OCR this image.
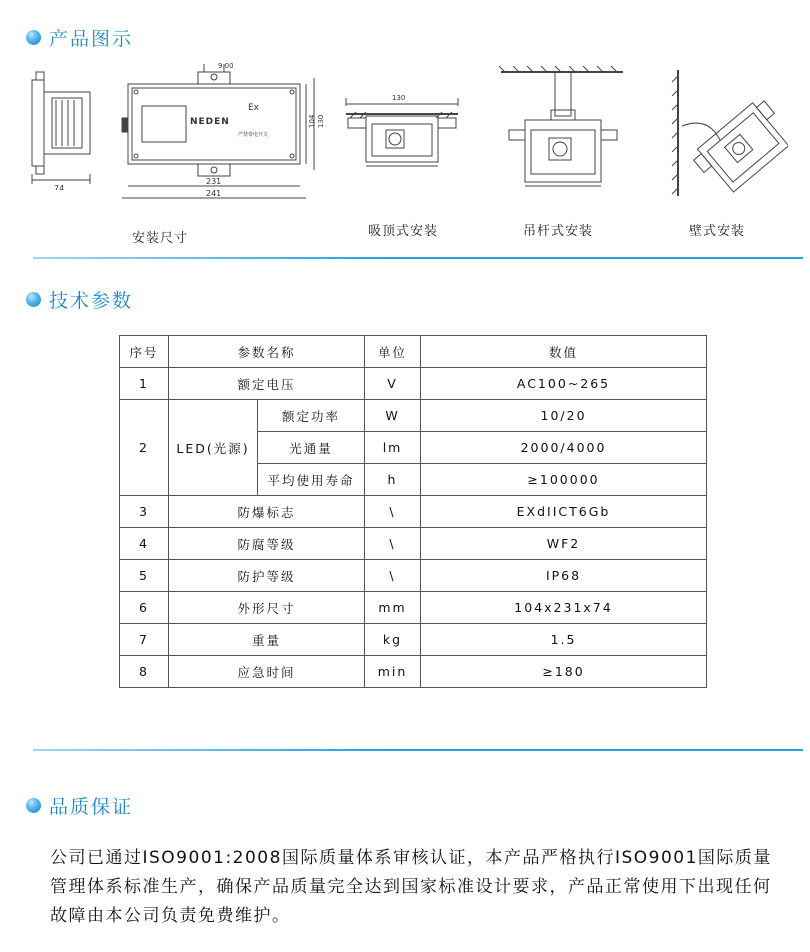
产品图示
74
Ex
NEDEN
严禁带电开关
9.00
231
241
104 130
130
安装尺寸	吸顶式安装	吊杆式安装	壁式安装
技术参数
序号	参数名称		单位	数值
1	额定电压		V	AC100~265
2	LED(光源)	额定功率	W	10/20
		光通量	lm	2000/4000
		平均使用寿命	h	≥100000
3	防爆标志		\	EXdIICT6Gb
4	防腐等级		\	WF2
5	防护等级		\	IP68
6	外形尺寸		mm	104x231x74
7	重量		kg	1.5
8	应急时间		min	≥180
品质保证
公司已通过ISO9001:2008国际质量体系审核认证，本产品严格执行ISO9001国际质量管理体系标准生产，确保产品质量完全达到国家标准设计要求，产品正常使用下出现任何故障由本公司负责免费维护。
